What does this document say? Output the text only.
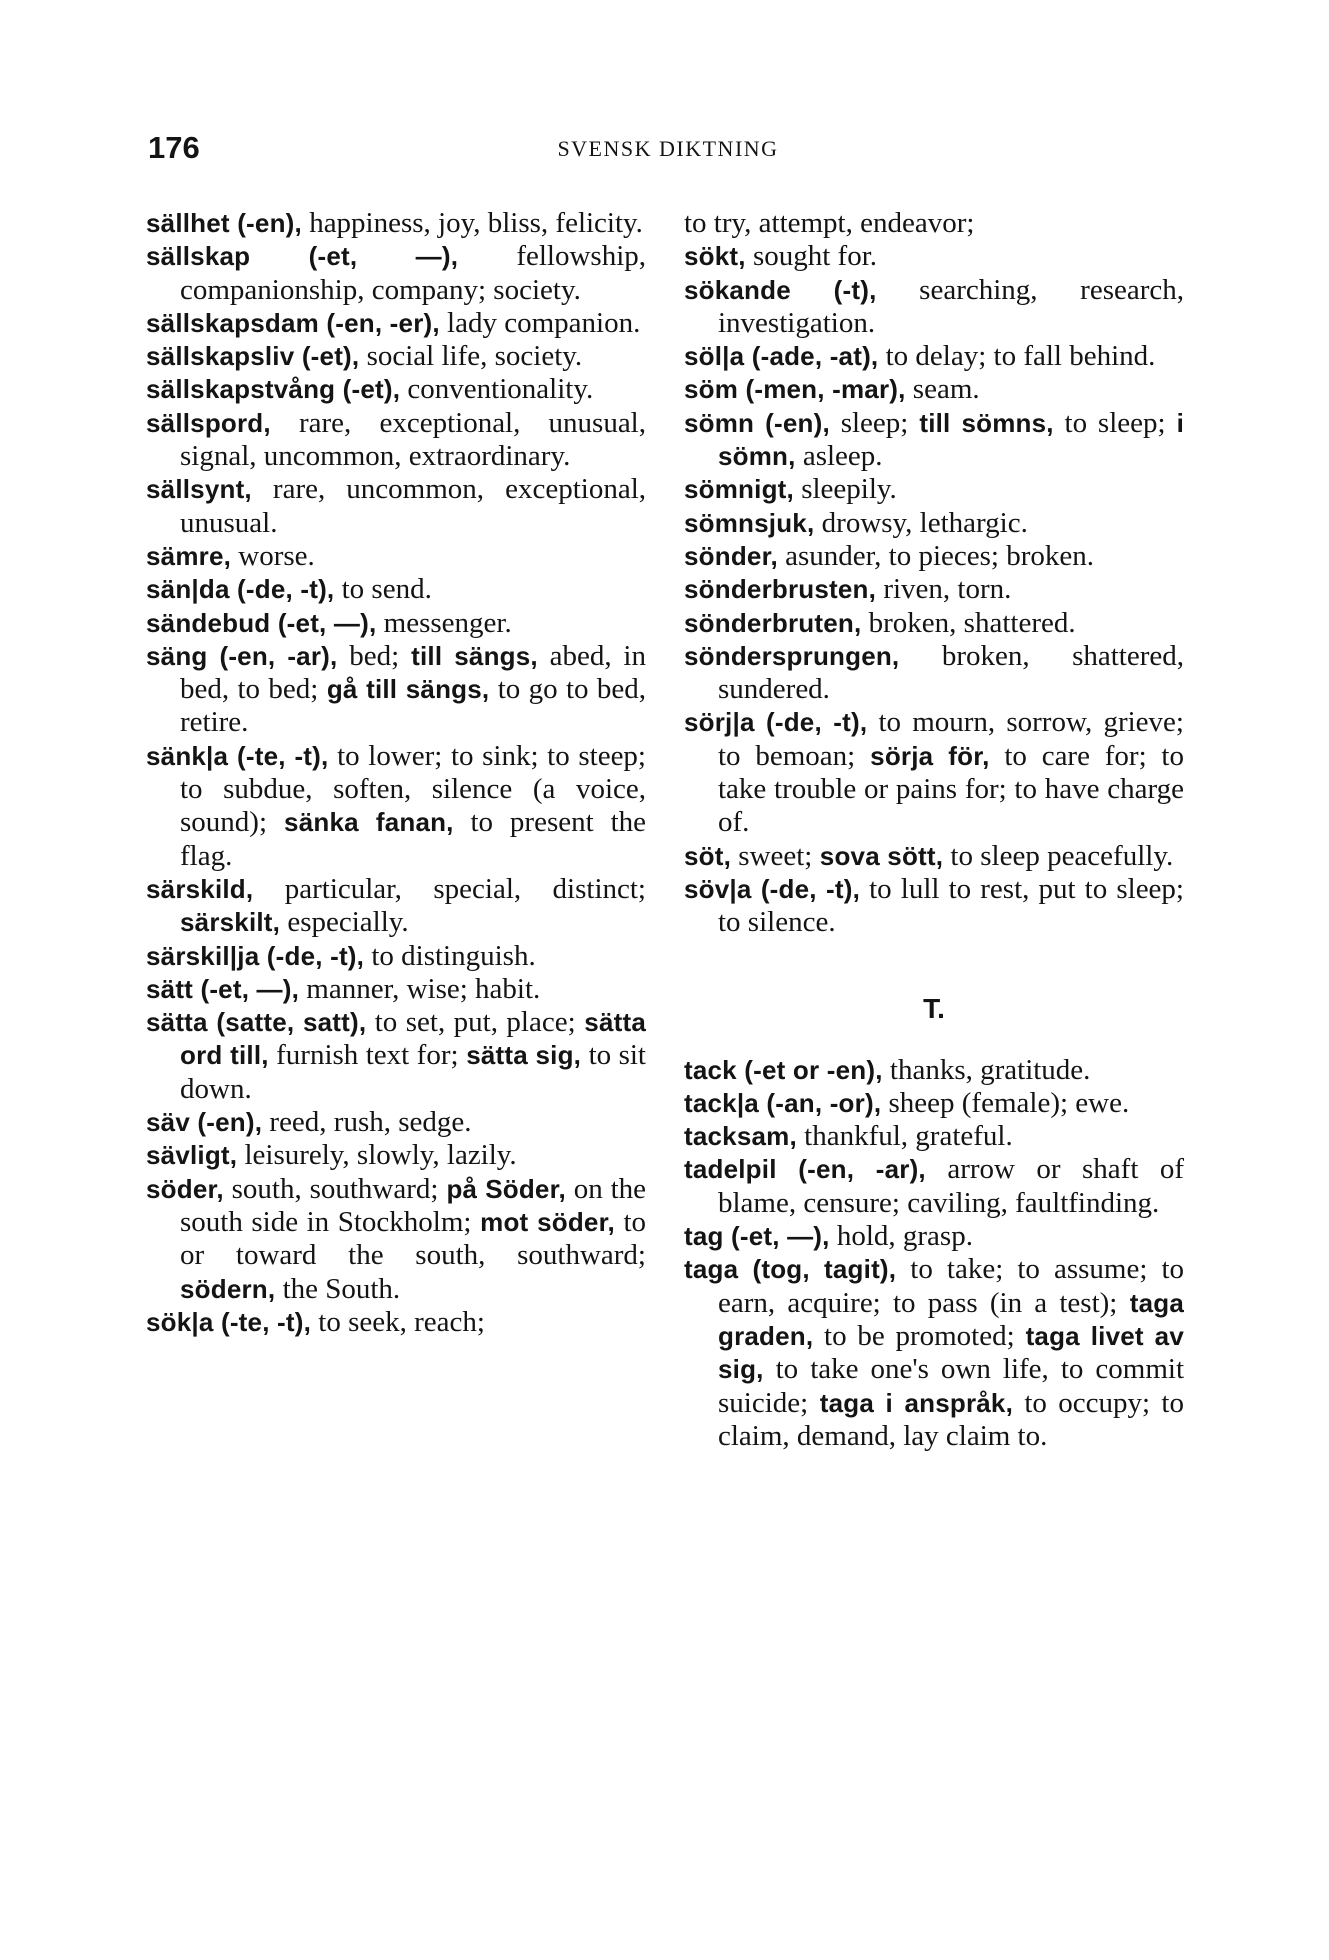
176	SVENSK DIKTNING
sällhet (-en), happiness, joy, bliss, felicity.
sällskap (-et, —), fellowship, companionship, company; society.
sällskapsdam (-en, -er), lady companion.
sällskapsliv (-et), social life, society.
sällskapstvång (-et), conventionality.
sällspord, rare, exceptional, unusual, signal, uncommon, extraordinary.
sällsynt, rare, uncommon, exceptional, unusual.
sämre, worse.
sän|da (-de, -t), to send.
sändebud (-et, —), messenger.
säng (-en, -ar), bed; till sängs, abed, in bed, to bed; gå till sängs, to go to bed, retire.
sänk|a (-te, -t), to lower; to sink; to steep; to subdue, soften, silence (a voice, sound); sänka fanan, to present the flag.
särskild, particular, special, distinct; särskilt, especially.
särskil|ja (-de, -t), to distinguish.
sätt (-et, —), manner, wise; habit.
sätta (satte, satt), to set, put, place; sätta ord till, furnish text for; sätta sig, to sit down.
säv (-en), reed, rush, sedge.
sävligt, leisurely, slowly, lazily.
söder, south, southward; på Söder, on the south side in Stockholm; mot söder, to or toward the south, southward; södern, the South.
sök|a (-te, -t), to seek, reach;
to try, attempt, endeavor;
sökt, sought for.
sökande (-t), searching, research, investigation.
söl|a (-ade, -at), to delay; to fall behind.
söm (-men, -mar), seam.
sömn (-en), sleep; till sömns, to sleep; i sömn, asleep.
sömnigt, sleepily.
sömnsjuk, drowsy, lethargic.
sönder, asunder, to pieces; broken.
sönderbrusten, riven, torn.
sönderbruten, broken, shattered.
söndersprungen, broken, shattered, sundered.
sörj|a (-de, -t), to mourn, sorrow, grieve; to bemoan; sörja för, to care for; to take trouble or pains for; to have charge of.
söt, sweet; sova sött, to sleep peacefully.
söv|a (-de, -t), to lull to rest, put to sleep; to silence.
T.
tack (-et or -en), thanks, gratitude.
tack|a (-an, -or), sheep (female); ewe.
tacksam, thankful, grateful.
tadelpil (-en, -ar), arrow or shaft of blame, censure; caviling, faultfinding.
tag (-et, —), hold, grasp.
taga (tog, tagit), to take; to assume; to earn, acquire; to pass (in a test); taga graden, to be promoted; taga livet av sig, to take one's own life, to commit suicide; taga i anspråk, to occupy; to claim, demand, lay claim to.
